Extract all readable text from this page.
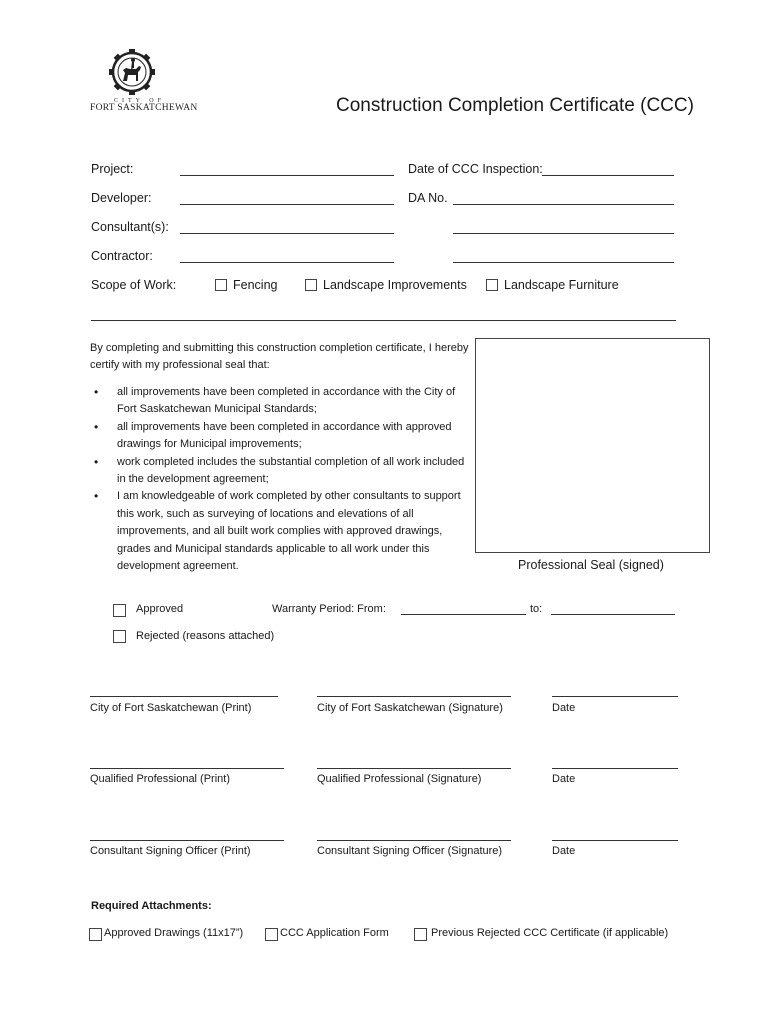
CITY OF
FORT SASKATCHEWAN	Construction Completion Certificate (CCC)
Project:	Date of CCC Inspection:
Developer:	DA No.
Consultant(s):
Contractor:
Scope of Work:	Fencing	Landscape Improvements	Landscape Furniture
By completing and submitting this construction completion certificate, I hereby certify with my professional seal that:
• all improvements have been completed in accordance with the City of Fort Saskatchewan Municipal Standards;
• all improvements have been completed in accordance with approved drawings for Municipal improvements;
• work completed includes the substantial completion of all work included in the development agreement;
• I am knowledgeable of work completed by other consultants to support this work, such as surveying of locations and elevations of all improvements, and all built work complies with approved drawings, grades and Municipal standards applicable to all work under this development agreement.	Professional Seal (signed)
Approved	Warranty Period: From:	to:
Rejected (reasons attached)
City of Fort Saskatchewan (Print)	City of Fort Saskatchewan (Signature)	Date
Qualified Professional (Print)	Qualified Professional (Signature)	Date
Consultant Signing Officer (Print)	Consultant Signing Officer (Signature)	Date
Required Attachments:
Approved Drawings (11x17”)	CCC Application Form	Previous Rejected CCC Certificate (if applicable)
